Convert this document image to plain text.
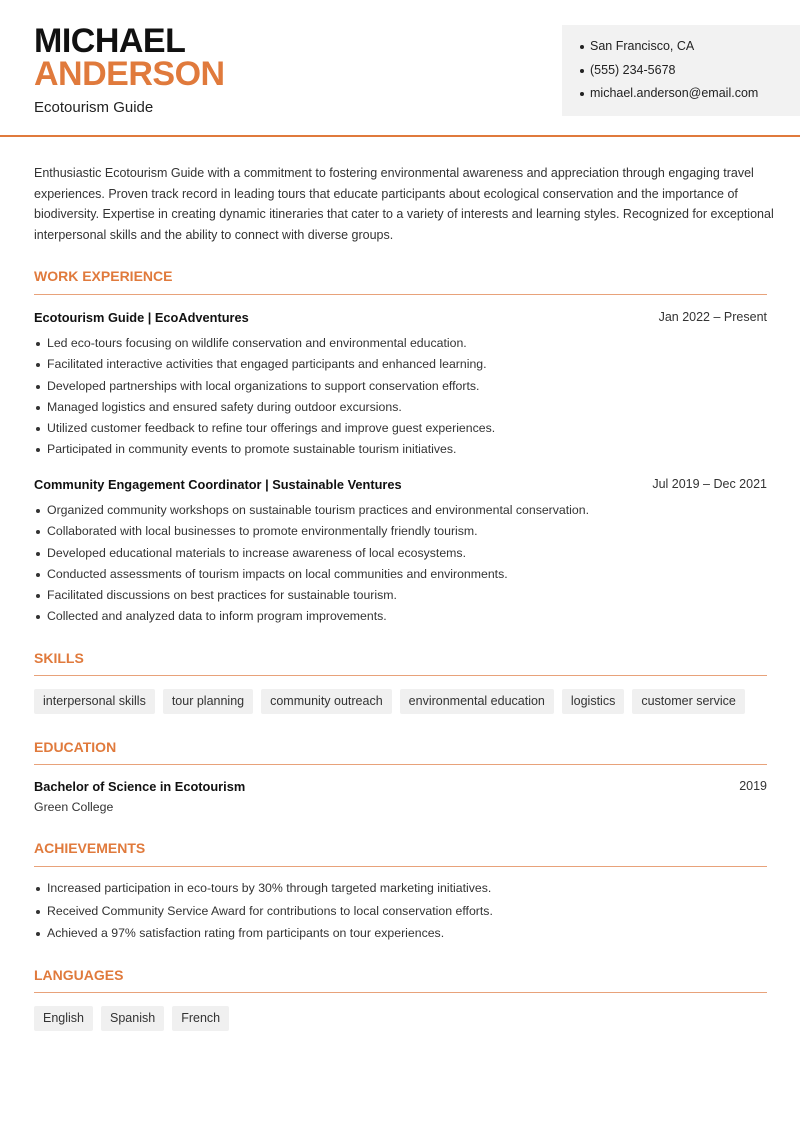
MICHAEL
ANDERSON
Ecotourism Guide
San Francisco, CA
(555) 234-5678
michael.anderson@email.com

Enthusiastic Ecotourism Guide with a commitment to fostering environmental awareness and appreciation through engaging travel experiences. Proven track record in leading tours that educate participants about ecological conservation and the importance of biodiversity. Expertise in creating dynamic itineraries that cater to a variety of interests and learning styles. Recognized for exceptional interpersonal skills and the ability to connect with diverse groups.

WORK EXPERIENCE
Ecotourism Guide | EcoAdventures	Jan 2022 – Present
Led eco-tours focusing on wildlife conservation and environmental education.
Facilitated interactive activities that engaged participants and enhanced learning.
Developed partnerships with local organizations to support conservation efforts.
Managed logistics and ensured safety during outdoor excursions.
Utilized customer feedback to refine tour offerings and improve guest experiences.
Participated in community events to promote sustainable tourism initiatives.
Community Engagement Coordinator | Sustainable Ventures	Jul 2019 – Dec 2021
Organized community workshops on sustainable tourism practices and environmental conservation.
Collaborated with local businesses to promote environmentally friendly tourism.
Developed educational materials to increase awareness of local ecosystems.
Conducted assessments of tourism impacts on local communities and environments.
Facilitated discussions on best practices for sustainable tourism.
Collected and analyzed data to inform program improvements.
SKILLS
interpersonal skills	tour planning	community outreach	environmental education	logistics	customer service
EDUCATION
Bachelor of Science in Ecotourism	2019
Green College
ACHIEVEMENTS
Increased participation in eco-tours by 30% through targeted marketing initiatives.
Received Community Service Award for contributions to local conservation efforts.
Achieved a 97% satisfaction rating from participants on tour experiences.
LANGUAGES
English	Spanish	French
